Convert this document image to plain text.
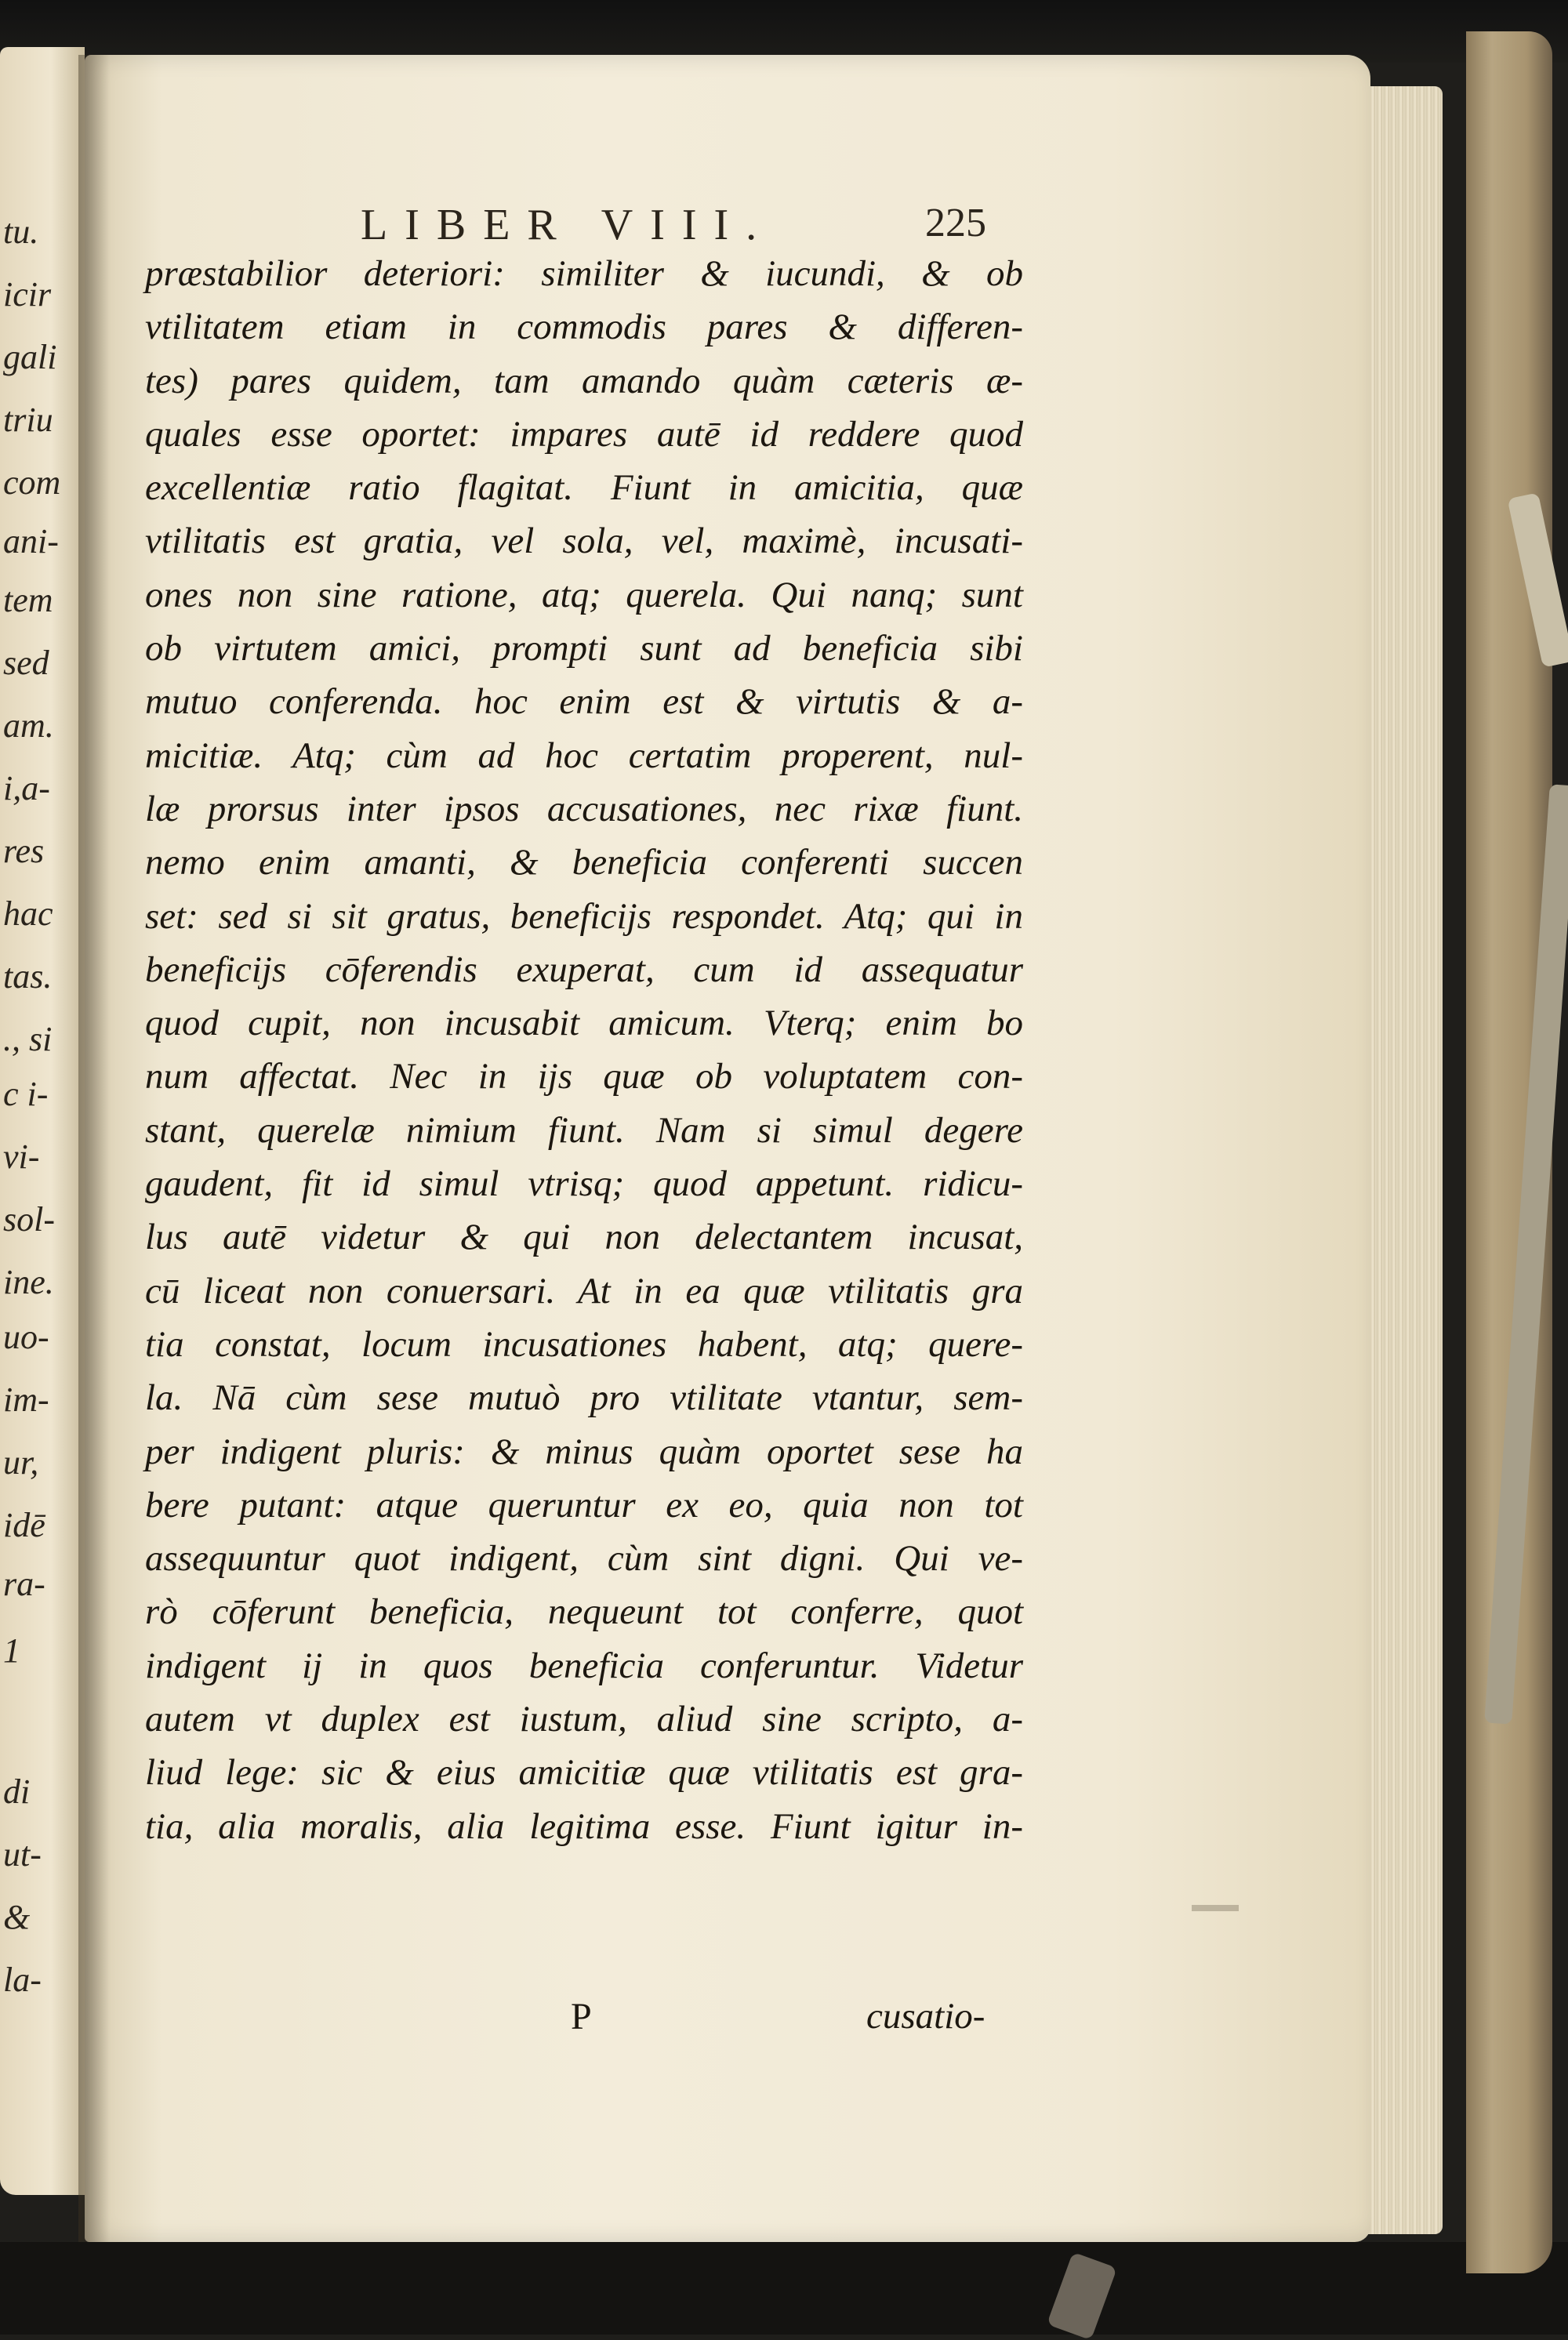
tu.
icir
gali
triu
com
ani-
tem
sed
am.
i,a-
res
hac
tas.
., si
c i-
vi-
sol-
ine.
uo-
im-
ur,
idē
ra-
1
di
ut-
&
la-
LIBER VIII.	225
præstabilior deteriori: similiter & iucundi, & ob
vtilitatem etiam in commodis pares & differen-
tes) pares quidem, tam amando quàm cæteris æ-
quales esse oportet: impares autē id reddere quod
excellentiæ ratio flagitat. Fiunt in amicitia, quæ
vtilitatis est gratia, vel sola, vel, maximè, incusati-
ones non sine ratione, atq; querela. Qui nanq; sunt
ob virtutem amici, prompti sunt ad beneficia sibi
mutuo conferenda. hoc enim est & virtutis & a-
micitiæ. Atq; cùm ad hoc certatim properent, nul-
læ prorsus inter ipsos accusationes, nec rixæ fiunt.
nemo enim amanti, & beneficia conferenti succen
set: sed si sit gratus, beneficijs respondet. Atq; qui in
beneficijs cōferendis exuperat, cum id assequatur
quod cupit, non incusabit amicum. Vterq; enim bo
num affectat. Nec in ijs quæ ob voluptatem con-
stant, querelæ nimium fiunt. Nam si simul degere
gaudent, fit id simul vtrisq; quod appetunt. ridicu-
lus autē videtur & qui non delectantem incusat,
cū liceat non conuersari. At in ea quæ vtilitatis gra
tia constat, locum incusationes habent, atq; quere-
la. Nā cùm sese mutuò pro vtilitate vtantur, sem-
per indigent pluris: & minus quàm oportet sese ha
bere putant: atque queruntur ex eo, quia non tot
assequuntur quot indigent, cùm sint digni. Qui ve-
rò cōferunt beneficia, nequeunt tot conferre, quot
indigent ij in quos beneficia conferuntur. Videtur
autem vt duplex est iustum, aliud sine scripto, a-
liud lege: sic & eius amicitiæ quæ vtilitatis est gra-
tia, alia moralis, alia legitima esse. Fiunt igitur in-
P	cusatio-
